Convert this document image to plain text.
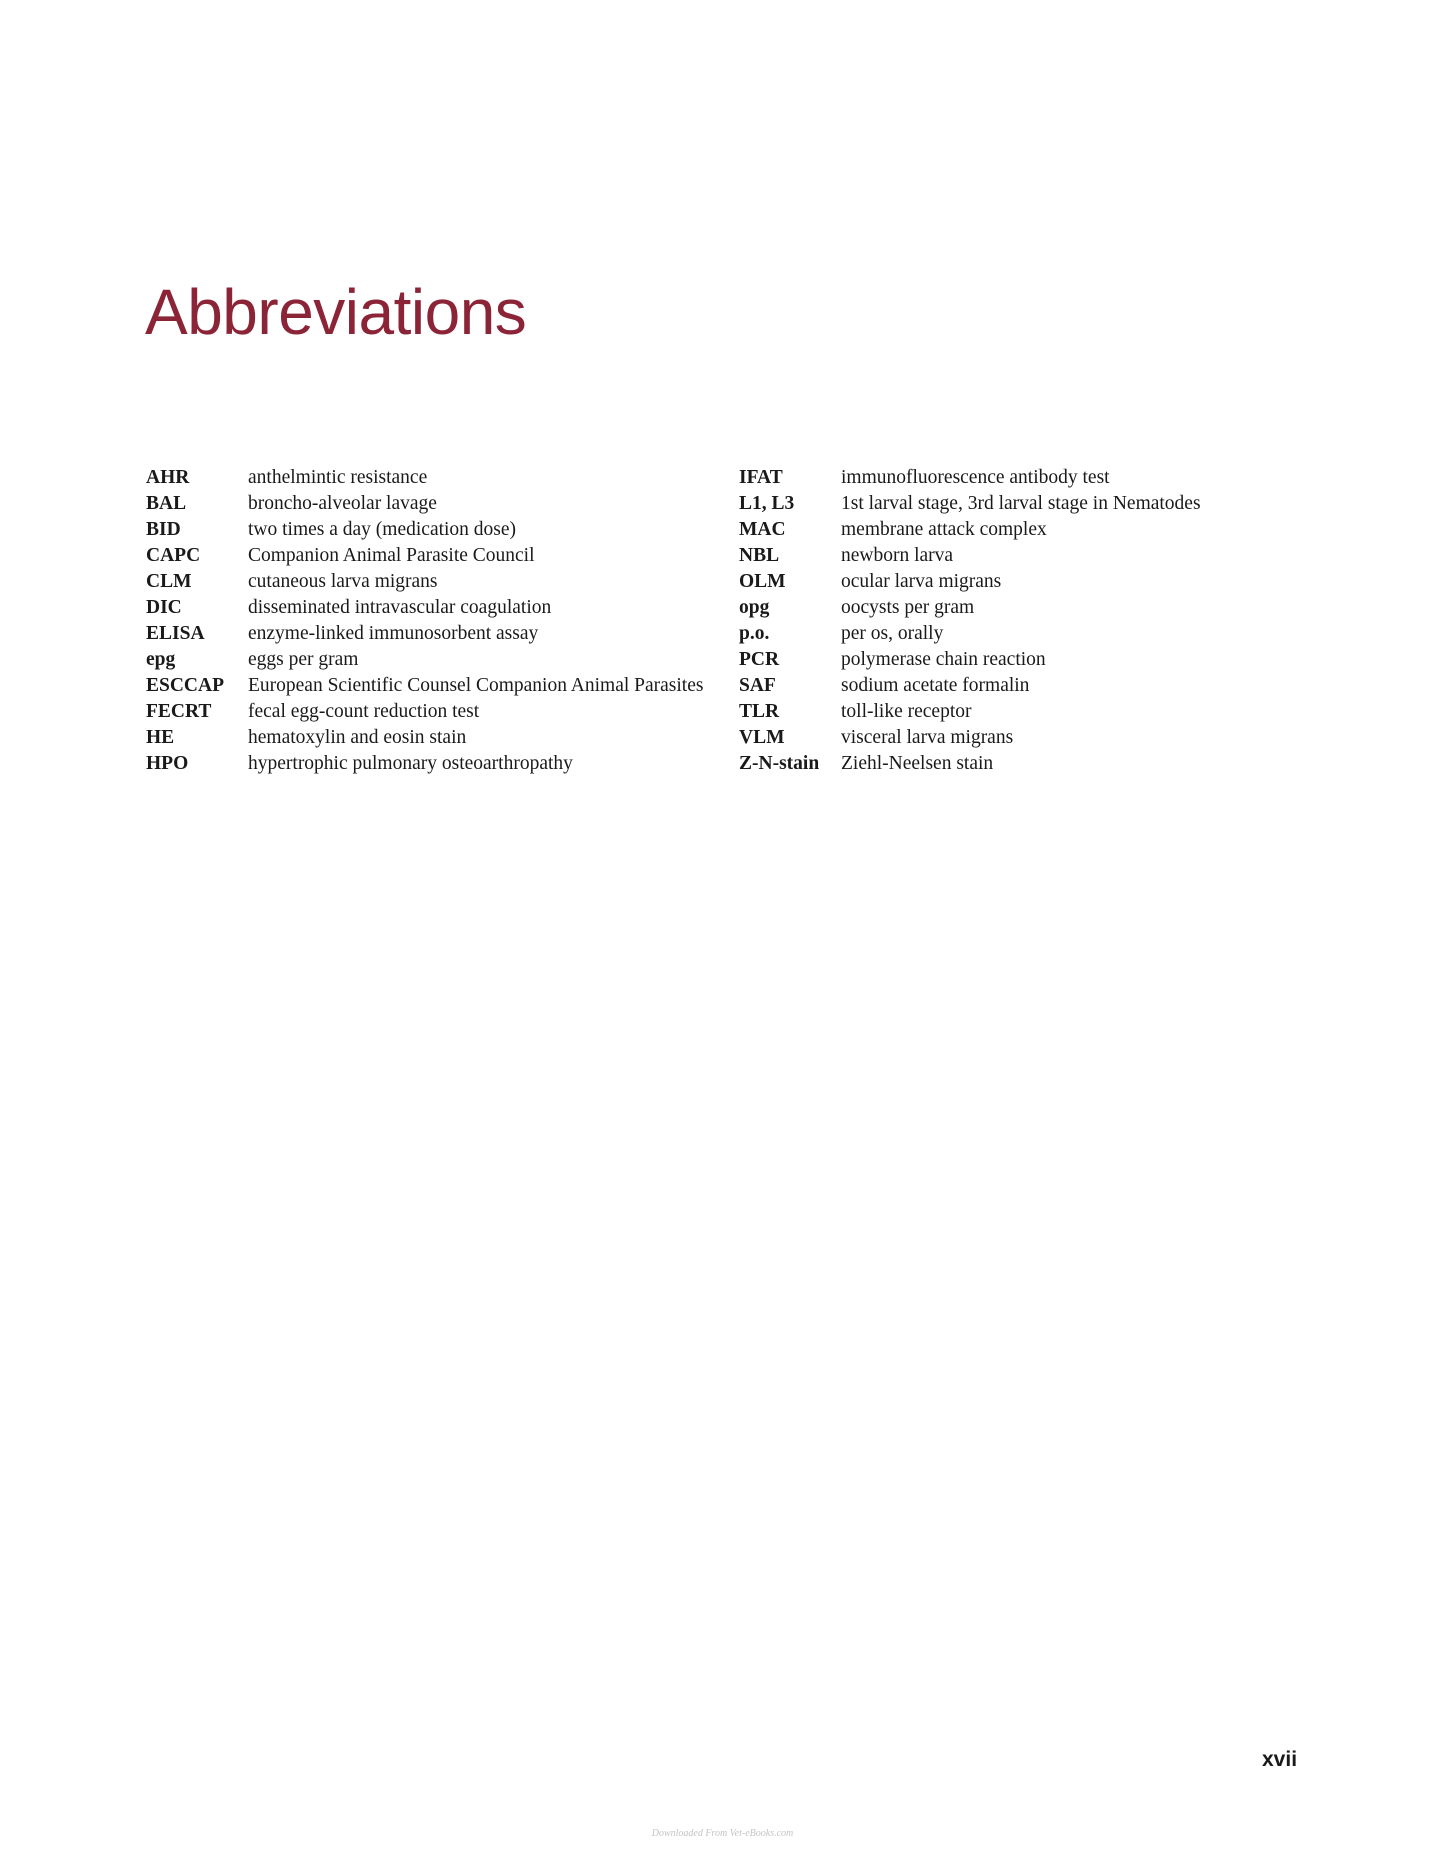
Abbreviations
AHR	anthelmintic resistance
BAL	broncho-alveolar lavage
BID	two times a day (medication dose)
CAPC	Companion Animal Parasite Council
CLM	cutaneous larva migrans
DIC	disseminated intravascular coagulation
ELISA	enzyme-linked immunosorbent assay
epg	eggs per gram
ESCCAP	European Scientific Counsel Companion Animal Parasites
FECRT	fecal egg-count reduction test
HE	hematoxylin and eosin stain
HPO	hypertrophic pulmonary osteoarthropathy
IFAT	immunofluorescence antibody test
L1, L3	1st larval stage, 3rd larval stage in Nematodes
MAC	membrane attack complex
NBL	newborn larva
OLM	ocular larva migrans
opg	oocysts per gram
p.o.	per os, orally
PCR	polymerase chain reaction
SAF	sodium acetate formalin
TLR	toll-like receptor
VLM	visceral larva migrans
Z-N-stain	Ziehl-Neelsen stain
xvii
Downloaded From Vet-eBooks.com
